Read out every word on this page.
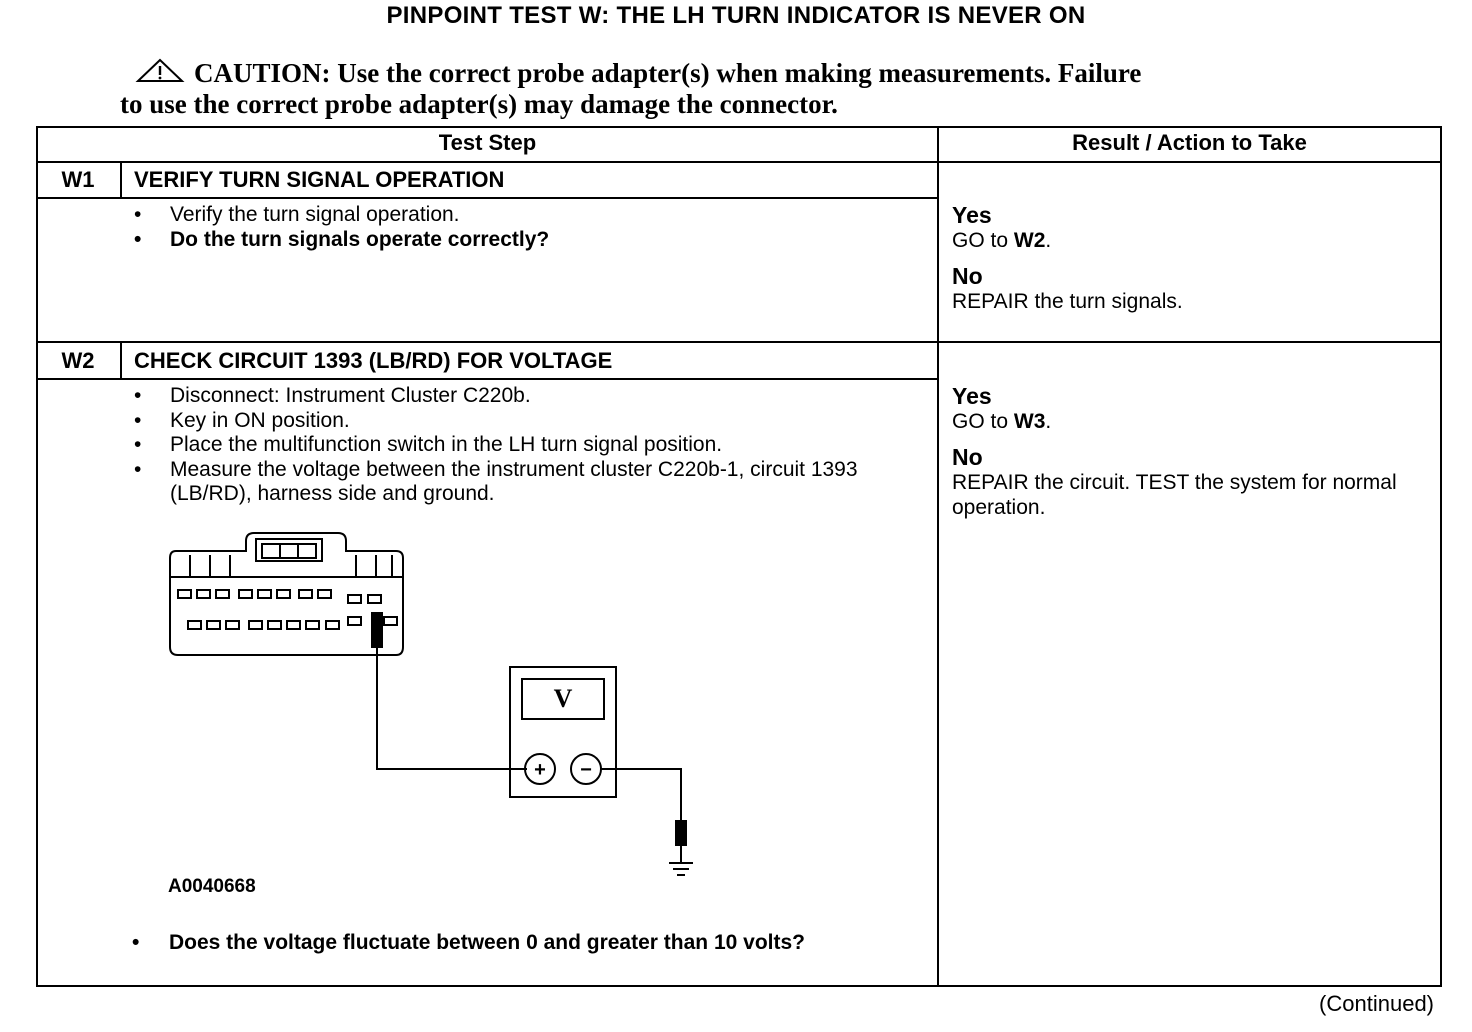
PINPOINT TEST W: THE LH TURN INDICATOR IS NEVER ON
CAUTION: Use the correct probe adapter(s) when making measurements. Failure
to use the correct probe adapter(s) may damage the connector.
Test Step	Result / Action to Take
W1	VERIFY TURN SIGNAL OPERATION
• Verify the turn signal operation.
• Do the turn signals operate correctly?
Yes
GO to W2.
No
REPAIR the turn signals.
W2	CHECK CIRCUIT 1393 (LB/RD) FOR VOLTAGE
• Disconnect: Instrument Cluster C220b.
• Key in ON position.
• Place the multifunction switch in the LH turn signal position.
• Measure the voltage between the instrument cluster C220b-1, circuit 1393 (LB/RD), harness side and ground.
Yes
GO to W3.
No
REPAIR the circuit. TEST the system for normal operation.
V
+ −
A0040668
•	Does the voltage fluctuate between 0 and greater than 10 volts?
(Continued)
